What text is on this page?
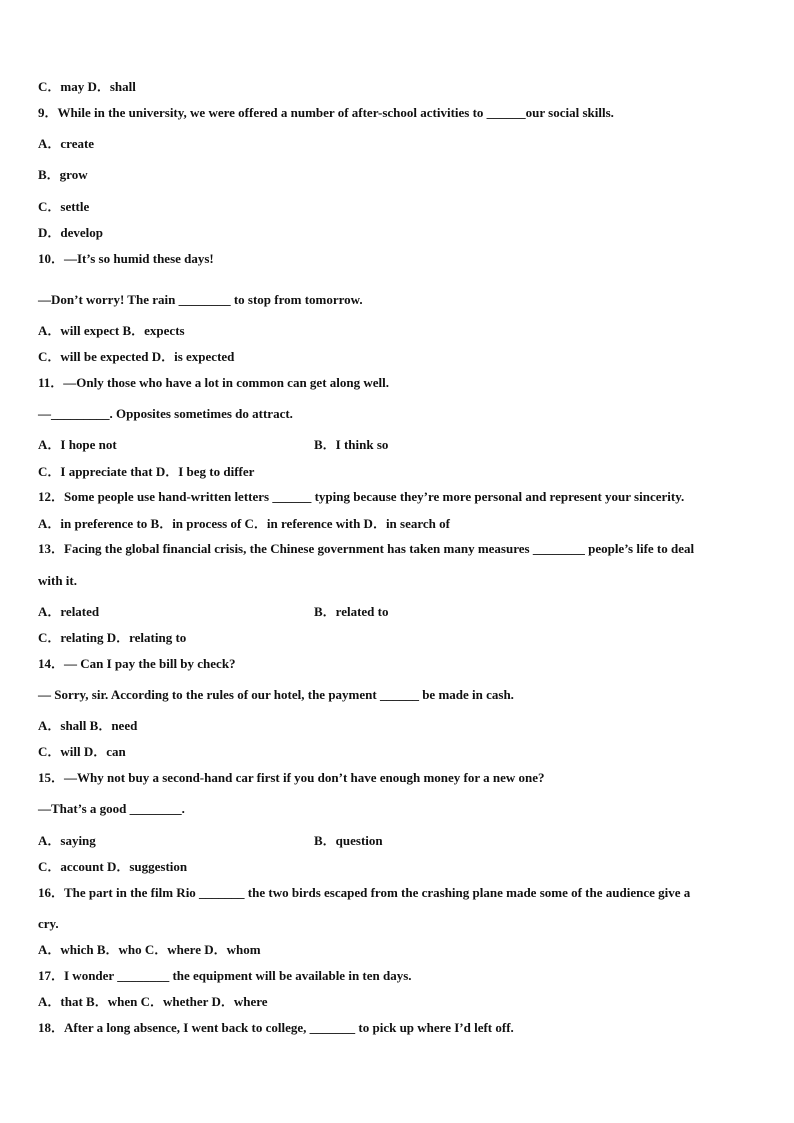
C．may D．shall
9．While in the university, we were offered a number of after-school activities to ______our social skills.
A．create
B．grow
C．settle
D．develop
10．—It’s so humid these days!
—Don’t worry! The rain ________ to stop from tomorrow.
A．will expect B．expects
C．will be expected D．is expected
11．—Only those who have a lot in common can get along well.
—_________. Opposites sometimes do attract.
A．I hope not	B．I think so
C．I appreciate that D．I beg to differ
12．Some people use hand-written letters ______ typing because they’re more personal and represent your sincerity.
A．in preference to B．in process of C．in reference with D．in search of
13．Facing the global financial crisis, the Chinese government has taken many measures ________ people’s life to deal
with it.
A．related	B．related to
C．relating D．relating to
14．— Can I pay the bill by check?
— Sorry, sir. According to the rules of our hotel, the payment ______ be made in cash.
A．shall B．need
C．will D．can
15．—Why not buy a second-hand car first if you don’t have enough money for a new one?
—That’s a good ________.
A．saying	B．question
C．account D．suggestion
16．The part in the film Rio _______ the two birds escaped from the crashing plane made some of the audience give a
cry.
A．which B．who C．where D．whom
17．I wonder ________ the equipment will be available in ten days.
A．that B．when C．whether D．where
18．After a long absence, I went back to college, _______ to pick up where I’d left off.
